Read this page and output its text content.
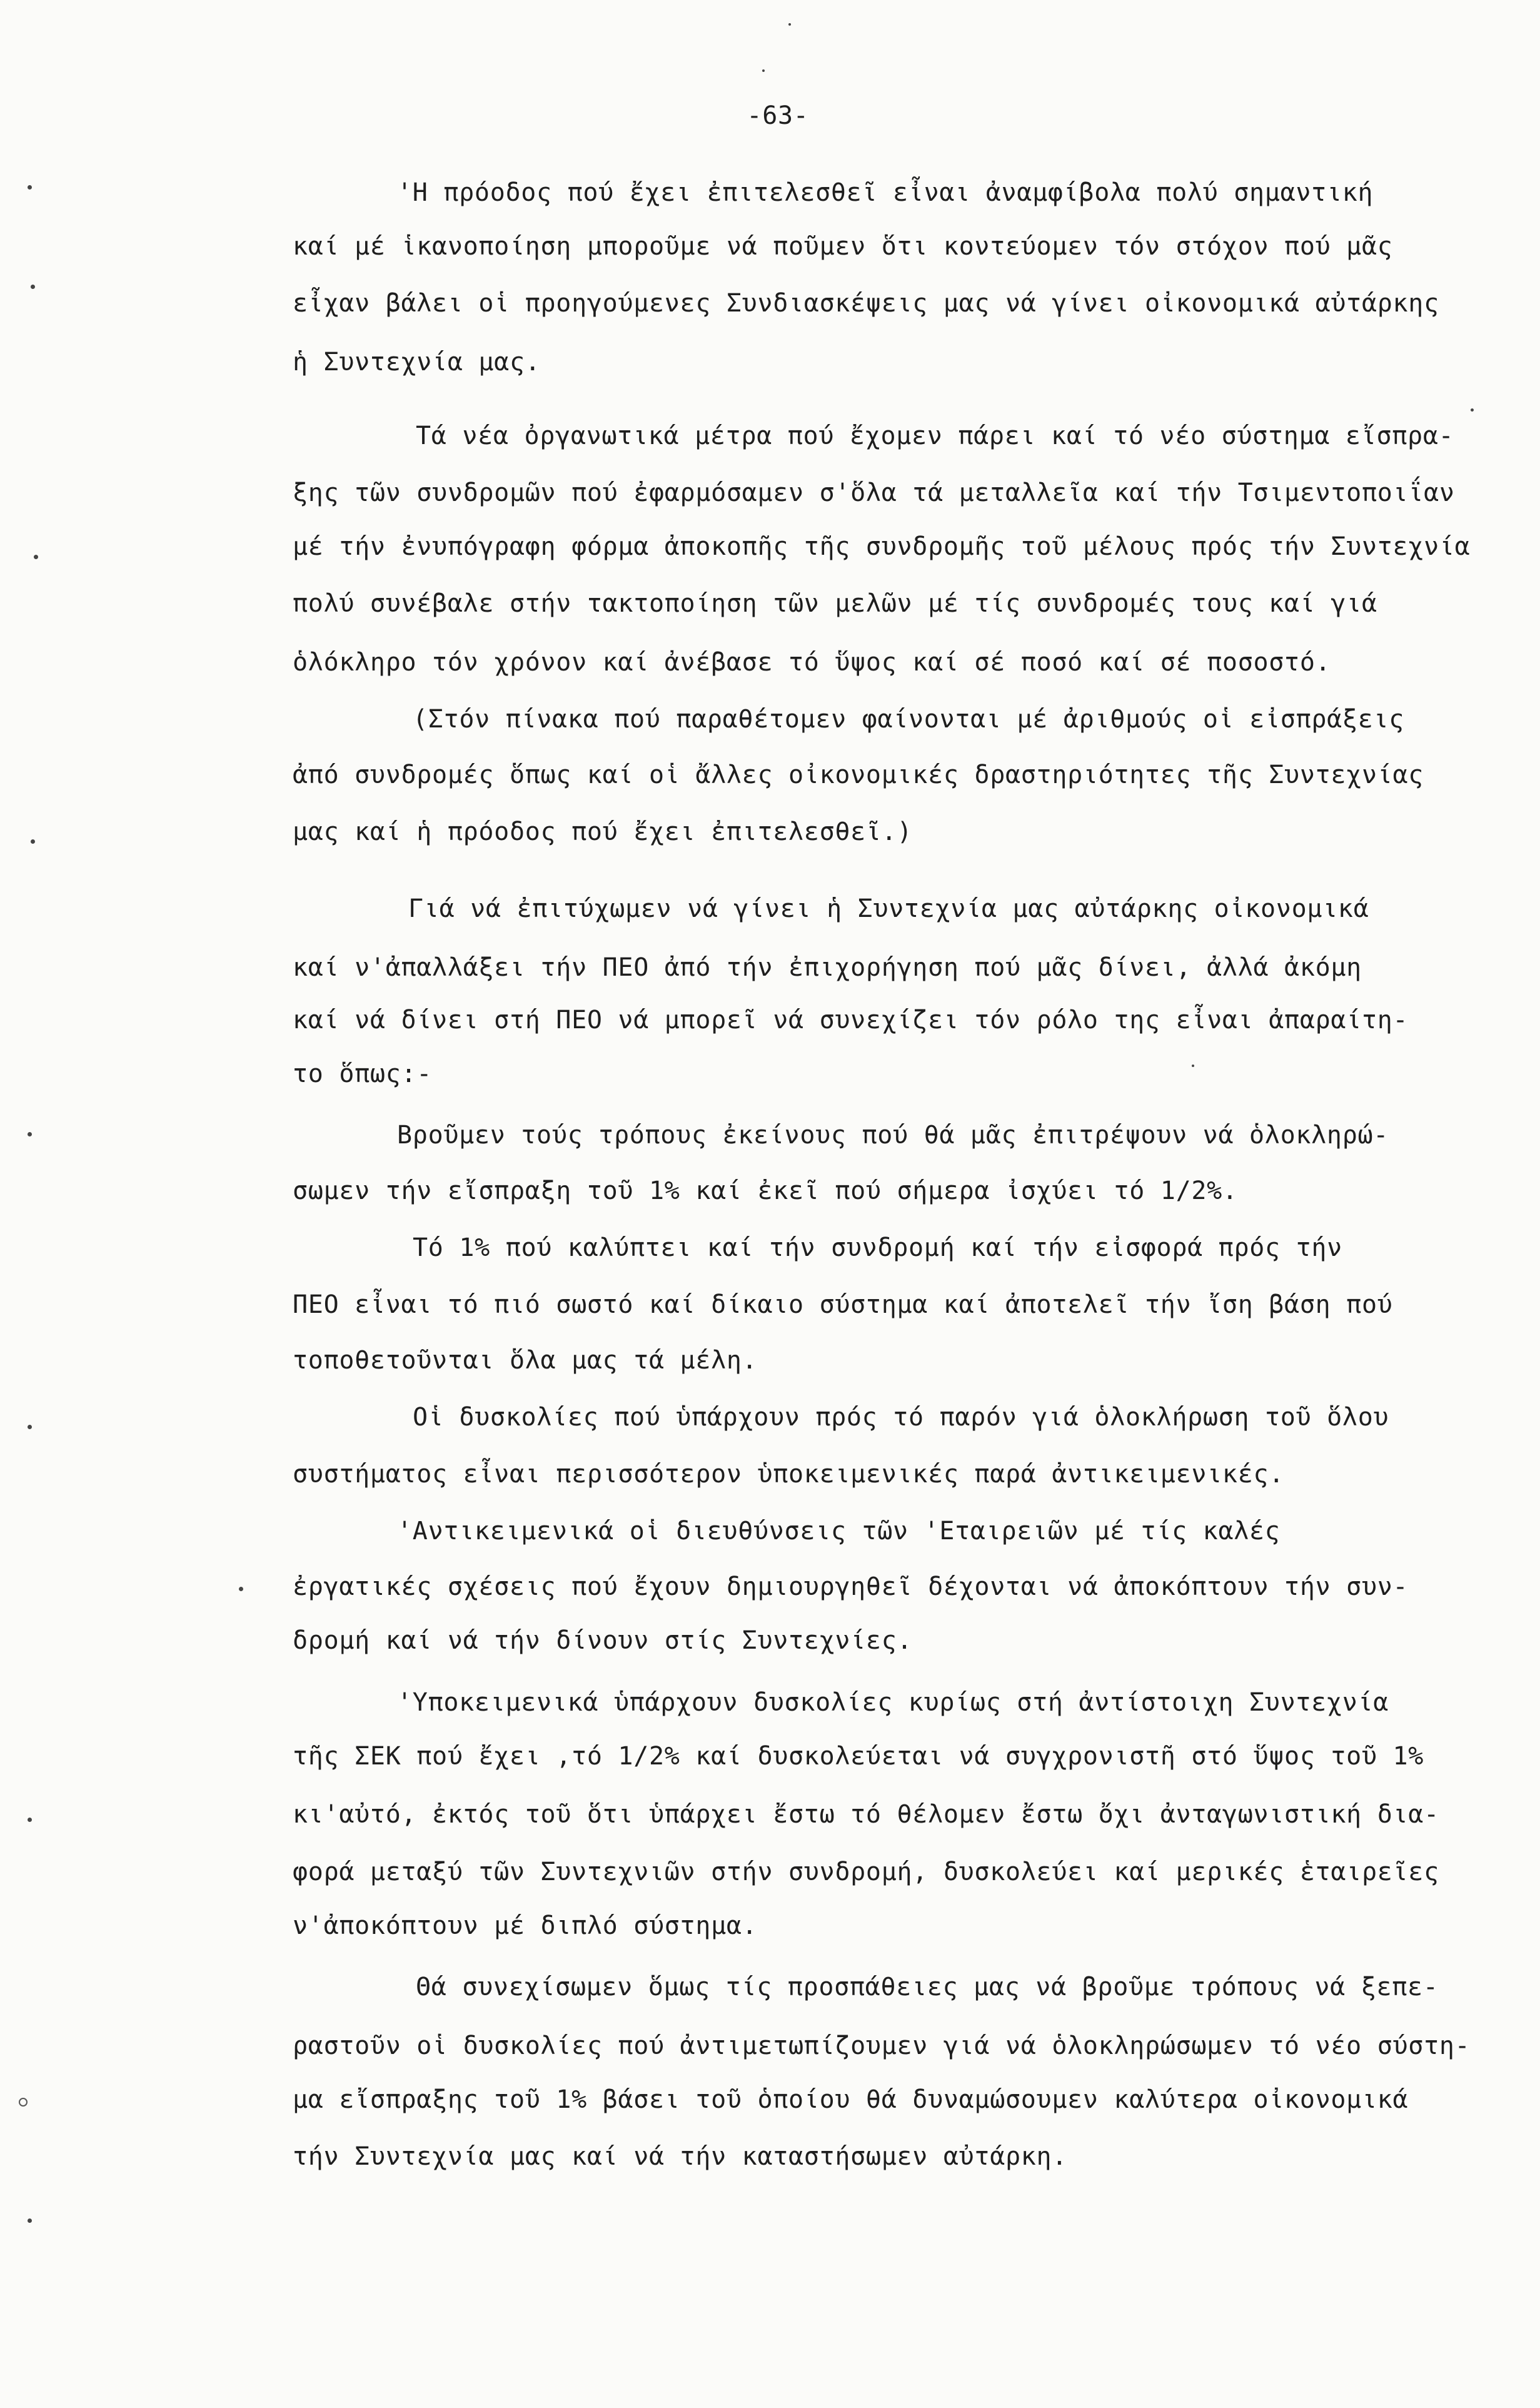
-63-
'Η πρόοδος πού ἔχει ἐπιτελεσθεῖ εἶναι ἀναμφίβολα πολύ σημαντική
καί μέ ἱκανοποίηση μποροῦμε νά ποῦμεν ὅτι κοντεύομεν τόν στόχον πού μᾶς
εἶχαν βάλει οἱ προηγούμενες Συνδιασκέψεις μας νά γίνει οἰκονομικά αὐτάρκης
ἡ Συντεχνία μας.
Τά νέα ὀργανωτικά μέτρα πού ἔχομεν πάρει καί τό νέο σύστημα εἴσπρα-
ξης τῶν συνδρομῶν πού ἐφαρμόσαμεν σ'ὅλα τά μεταλλεῖα καί τήν Τσιμεντοποιΐαν
μέ τήν ἐνυπόγραφη φόρμα ἀποκοπῆς τῆς συνδρομῆς τοῦ μέλους πρός τήν Συντεχνία
πολύ συνέβαλε στήν τακτοποίηση τῶν μελῶν μέ τίς συνδρομές τους καί γιά
ὁλόκληρο τόν χρόνον καί ἀνέβασε τό ὕψος καί σέ ποσό καί σέ ποσοστό.
(Στόν πίνακα πού παραθέτομεν φαίνονται μέ ἀριθμούς οἱ εἰσπράξεις
ἀπό συνδρομές ὅπως καί οἱ ἄλλες οἰκονομικές δραστηριότητες τῆς Συντεχνίας
μας καί ἡ πρόοδος πού ἔχει ἐπιτελεσθεῖ.)
Γιά νά ἐπιτύχωμεν νά γίνει ἡ Συντεχνία μας αὐτάρκης οἰκονομικά
καί ν'ἀπαλλάξει τήν ΠΕΟ ἀπό τήν ἐπιχορήγηση πού μᾶς δίνει, ἀλλά ἀκόμη
καί νά δίνει στή ΠΕΟ νά μπορεῖ νά συνεχίζει τόν ρόλο της εἶναι ἀπαραίτη-
το ὅπως:-
Βροῦμεν τούς τρόπους ἐκείνους πού θά μᾶς ἐπιτρέψουν νά ὁλοκληρώ-
σωμεν τήν εἴσπραξη τοῦ 1% καί ἐκεῖ πού σήμερα ἰσχύει τό 1/2%.
Τό 1% πού καλύπτει καί τήν συνδρομή καί τήν εἰσφορά πρός τήν
ΠΕΟ εἶναι τό πιό σωστό καί δίκαιο σύστημα καί ἀποτελεῖ τήν ἴση βάση πού
τοποθετοῦνται ὅλα μας τά μέλη.
Οἱ δυσκολίες πού ὑπάρχουν πρός τό παρόν γιά ὁλοκλήρωση τοῦ ὅλου
συστήματος εἶναι περισσότερον ὑποκειμενικές παρά ἀντικειμενικές.
'Αντικειμενικά οἱ διευθύνσεις τῶν 'Εταιρειῶν μέ τίς καλές
ἐργατικές σχέσεις πού ἔχουν δημιουργηθεῖ δέχονται νά ἀποκόπτουν τήν συν-
δρομή καί νά τήν δίνουν στίς Συντεχνίες.
'Υποκειμενικά ὑπάρχουν δυσκολίες κυρίως στή ἀντίστοιχη Συντεχνία
τῆς ΣΕΚ πού ἔχει ,τό 1/2% καί δυσκολεύεται νά συγχρονιστῆ στό ὕψος τοῦ 1%
κι'αὐτό, ἐκτός τοῦ ὅτι ὑπάρχει ἔστω τό θέλομεν ἔστω ὄχι ἀνταγωνιστική δια-
φορά μεταξύ τῶν Συντεχνιῶν στήν συνδρομή, δυσκολεύει καί μερικές ἑταιρεῖες
ν'ἀποκόπτουν μέ διπλό σύστημα.
Θά συνεχίσωμεν ὅμως τίς προσπάθειες μας νά βροῦμε τρόπους νά ξεπε-
ραστοῦν οἱ δυσκολίες πού ἀντιμετωπίζουμεν γιά νά ὁλοκληρώσωμεν τό νέο σύστη-
μα εἴσπραξης τοῦ 1% βάσει τοῦ ὁποίου θά δυναμώσουμεν καλύτερα οἰκονομικά
τήν Συντεχνία μας καί νά τήν καταστήσωμεν αὐτάρκη.
